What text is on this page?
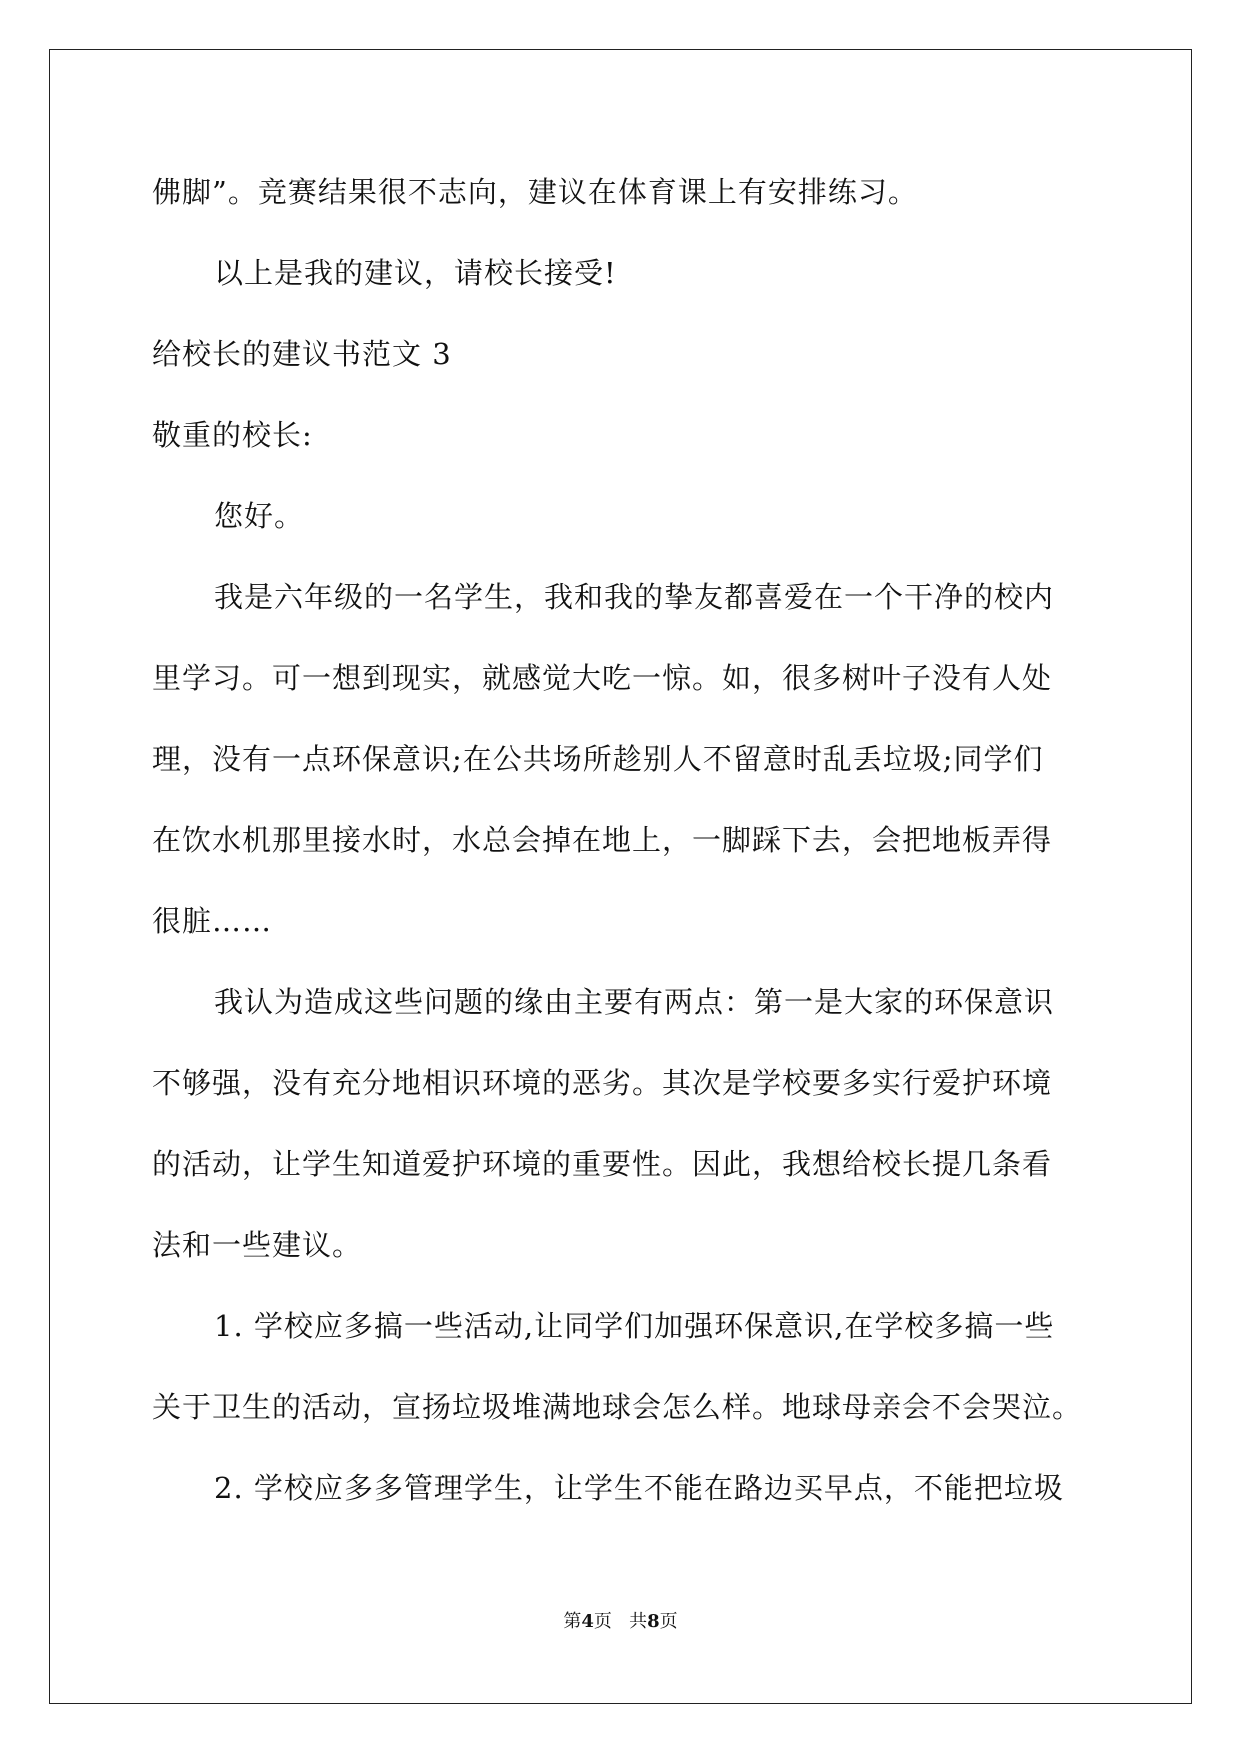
佛脚”。竞赛结果很不志向，建议在体育课上有安排练习。
以上是我的建议，请校长接受!
给校长的建议书范文 3
敬重的校长:
您好。
我是六年级的一名学生，我和我的挚友都喜爱在一个干净的校内
里学习。可一想到现实，就感觉大吃一惊。如，很多树叶子没有人处
理，没有一点环保意识;在公共场所趁别人不留意时乱丢垃圾;同学们
在饮水机那里接水时，水总会掉在地上，一脚踩下去，会把地板弄得
很脏……
我认为造成这些问题的缘由主要有两点：第一是大家的环保意识
不够强，没有充分地相识环境的恶劣。其次是学校要多实行爱护环境
的活动，让学生知道爱护环境的重要性。因此，我想给校长提几条看
法和一些建议。
1. 学校应多搞一些活动,让同学们加强环保意识,在学校多搞一些
关于卫生的活动，宣扬垃圾堆满地球会怎么样。地球母亲会不会哭泣。
2. 学校应多多管理学生，让学生不能在路边买早点，不能把垃圾
第4页   共8页
